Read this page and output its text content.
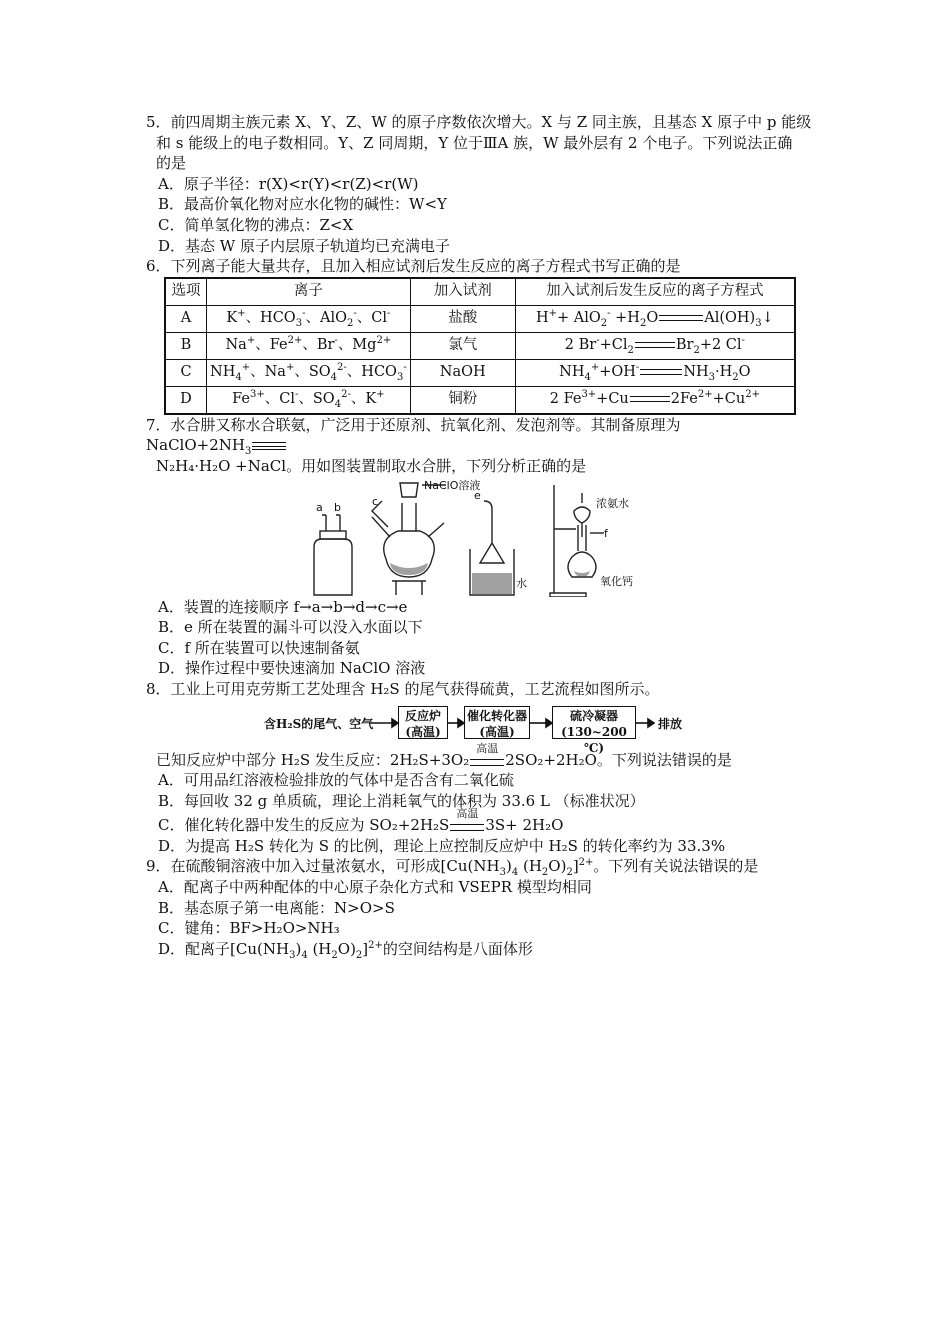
5．前四周期主族元素 X、Y、Z、W 的原子序数依次增大。X 与 Z 同主族，且基态 X 原子中 p 能级
和 s 能级上的电子数相同。Y、Z 同周期，Y 位于ⅢA 族，W 最外层有 2 个电子。下列说法正确
的是
A．原子半径：r(X)<r(Y)<r(Z)<r(W)
B．最高价氧化物对应水化物的碱性：W<Y
C．简单氢化物的沸点：Z<X
D．基态 W 原子内层原子轨道均已充满电子
6．下列离子能大量共存，且加入相应试剂后发生反应的离子方程式书写正确的是
选项	离子	加入试剂	加入试剂后发生反应的离子方程式
A	K+、$HCO_3^-$、AlO$_2$-、Cl-	盐酸	$H^++ AlO_2^- +H_2O$ $Al(OH)_3↓$
B	Na+、$Fe^{2+}$、Br-、$Mg^{2+}$	氯气	2 $Br^-+Cl_2$ $Br_2+2$ Cl-
C	$NH_4^+$、Na+、$SO_4^{2-}$、$HCO_3^-$	NaOH	$NH_4^++OH^-$ $NH_3\cdot H_2O$
D	$Fe^{3+}$、Cl-、$SO_4^{2-}$、K+	铜粉	2 $Fe^{3+}+Cu$ $2Fe^{2+}+Cu^{2+}$
7．水合肼又称水合联氨，广泛用于还原剂、抗氧化剂、发泡剂等。其制备原理为
$NaClO+2NH_3$
N₂H₄·H₂O +NaCl。用如图装置制取水合肼，下列分析正确的是
a b	c
NaClO溶液
e
水
浓氨水
f
氧化钙
A．装置的连接顺序 f→a→b→d→c→e
B．e 所在装置的漏斗可以没入水面以下
C．f 所在装置可以快速制备氨
D．操作过程中要快速滴加 NaClO 溶液
8．工业上可用克劳斯工艺处理含 H₂S 的尾气获得硫黄，工艺流程如图所示。
含H₂S的尾气、空气
反应炉
(高温)
催化转化器
(高温)
硫冷凝器
(130~200 ℃)
排放
已知反应炉中部分 H₂S 发生反应：2H₂S+3O₂
高温
2SO₂+2H₂O。下列说法错误的是
A．可用品红溶液检验排放的气体中是否含有二氧化硫
B．每回收 32 g 单质硫，理论上消耗氧气的体积为 33.6 L （标准状况）
C．催化转化器中发生的反应为 SO₂+2H₂S
高温
3S+ 2H₂O
D．为提高 H₂S 转化为 S 的比例，理论上应控制反应炉中 H₂S 的转化率约为 33.3%
9．在硫酸铜溶液中加入过量浓氨水，可形成[$Cu(NH_3)_4$ $(H_2O)_2]^{2+}$。下列有关说法错误的是
A．配离子中两种配体的中心原子杂化方式和 VSEPR 模型均相同
B．基态原子第一电离能：N>O>S
C．键角：BF>H₂O>NH₃
D．配离子[$Cu(NH_3)_4$ $(H_2O)_2]^{2+}$的空间结构是八面体形
